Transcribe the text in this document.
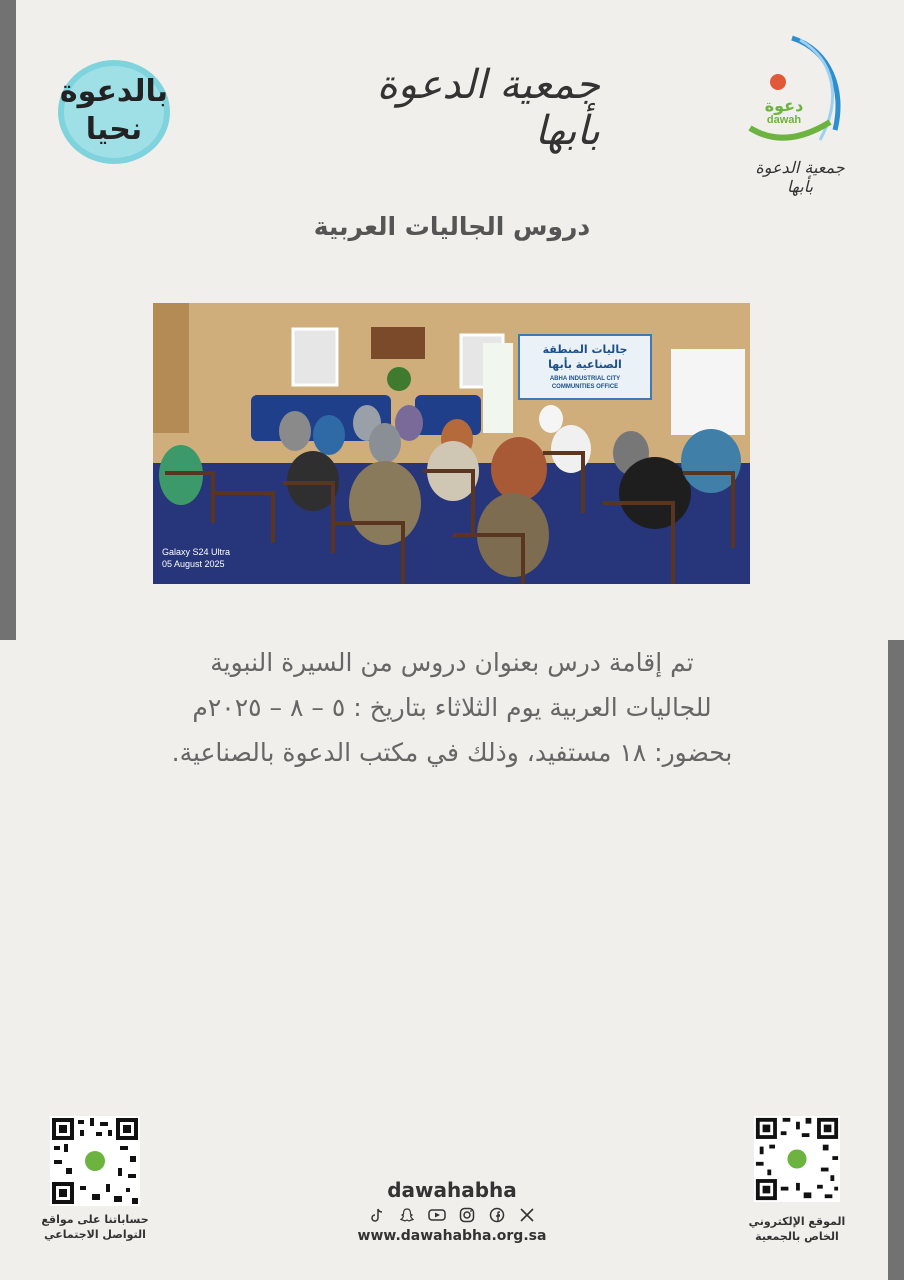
بالدعوة
نحيا
جمعية الدعوة بأبها
دعوة
dawah
جمعية الدعوة بأبها
دروس الجاليات العربية
جاليات المنطقة
الصناعية بأبها
ABHA INDUSTRIAL CITY
COMMUNITIES OFFICE
Galaxy S24 Ultra
05 August 2025
تم إقامة درس بعنوان دروس من السيرة النبوية
للجاليات العربية يوم الثلاثاء بتاريخ : ٥ – ٨ – ٢٠٢٥م
بحضور: ١٨ مستفيد، وذلك في مكتب الدعوة بالصناعية.
حساباتنا على مواقع
التواصل الاجتماعي
الموقع الإلكتروني
الخاص بالجمعية
dawahabha
www.dawahabha.org.sa
